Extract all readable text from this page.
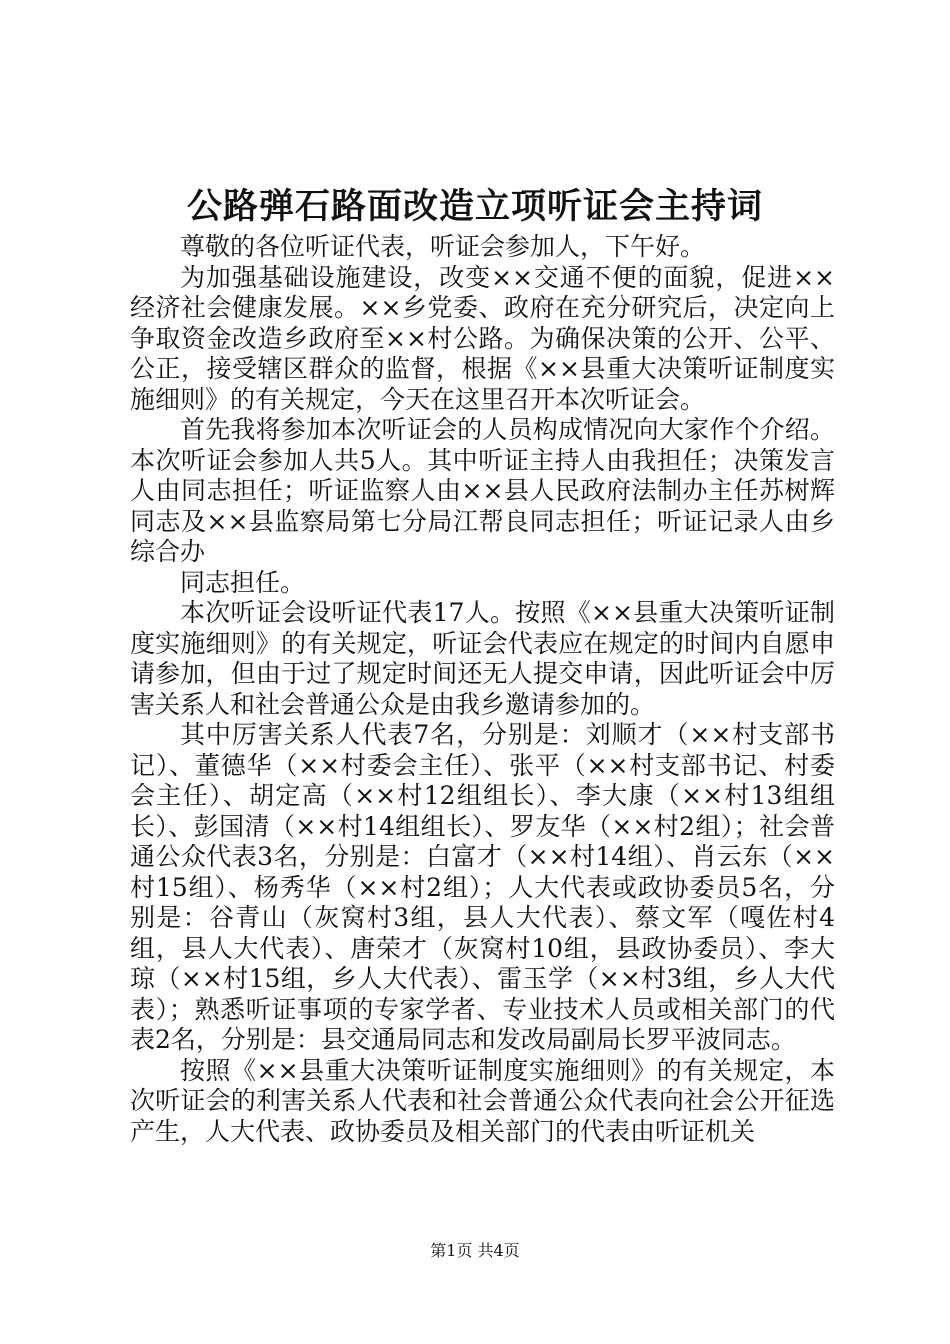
公路弹石路面改造立项听证会主持词

尊敬的各位听证代表，听证会参加人，下午好。

为加强基础设施建设，改变××交通不便的面貌，促进××经济社会健康发展。××乡党委、政府在充分研究后，决定向上争取资金改造乡政府至××村公路。为确保决策的公开、公平、公正，接受辖区群众的监督，根据《××县重大决策听证制度实施细则》的有关规定，今天在这里召开本次听证会。

首先我将参加本次听证会的人员构成情况向大家作个介绍。本次听证会参加人共5人。其中听证主持人由我担任；决策发言人由同志担任；听证监察人由××县人民政府法制办主任苏树辉同志及××县监察局第七分局江帮良同志担任；听证记录人由乡综合办

同志担任。

本次听证会设听证代表17人。按照《××县重大决策听证制度实施细则》的有关规定，听证会代表应在规定的时间内自愿申请参加，但由于过了规定时间还无人提交申请，因此听证会中厉害关系人和社会普通公众是由我乡邀请参加的。

其中厉害关系人代表7名，分别是：刘顺才（××村支部书记）、董德华（××村委会主任）、张平（××村支部书记、村委会主任）、胡定高（××村12组组长）、李大康（××村13组组长）、彭国清（××村14组组长）、罗友华（××村2组）；社会普通公众代表3名，分别是：白富才（××村14组）、肖云东（××村15组）、杨秀华（××村2组）；人大代表或政协委员5名，分别是：谷青山（灰窝村3组，县人大代表）、蔡文军（嘎佐村4组，县人大代表）、唐荣才（灰窝村10组，县政协委员）、李大琼（××村15组，乡人大代表）、雷玉学（××村3组，乡人大代表）；熟悉听证事项的专家学者、专业技术人员或相关部门的代表2名，分别是：县交通局同志和发改局副局长罗平波同志。

按照《××县重大决策听证制度实施细则》的有关规定，本次听证会的利害关系人代表和社会普通公众代表向社会公开征选产生，人大代表、政协委员及相关部门的代表由听证机关

第1页 共4页
